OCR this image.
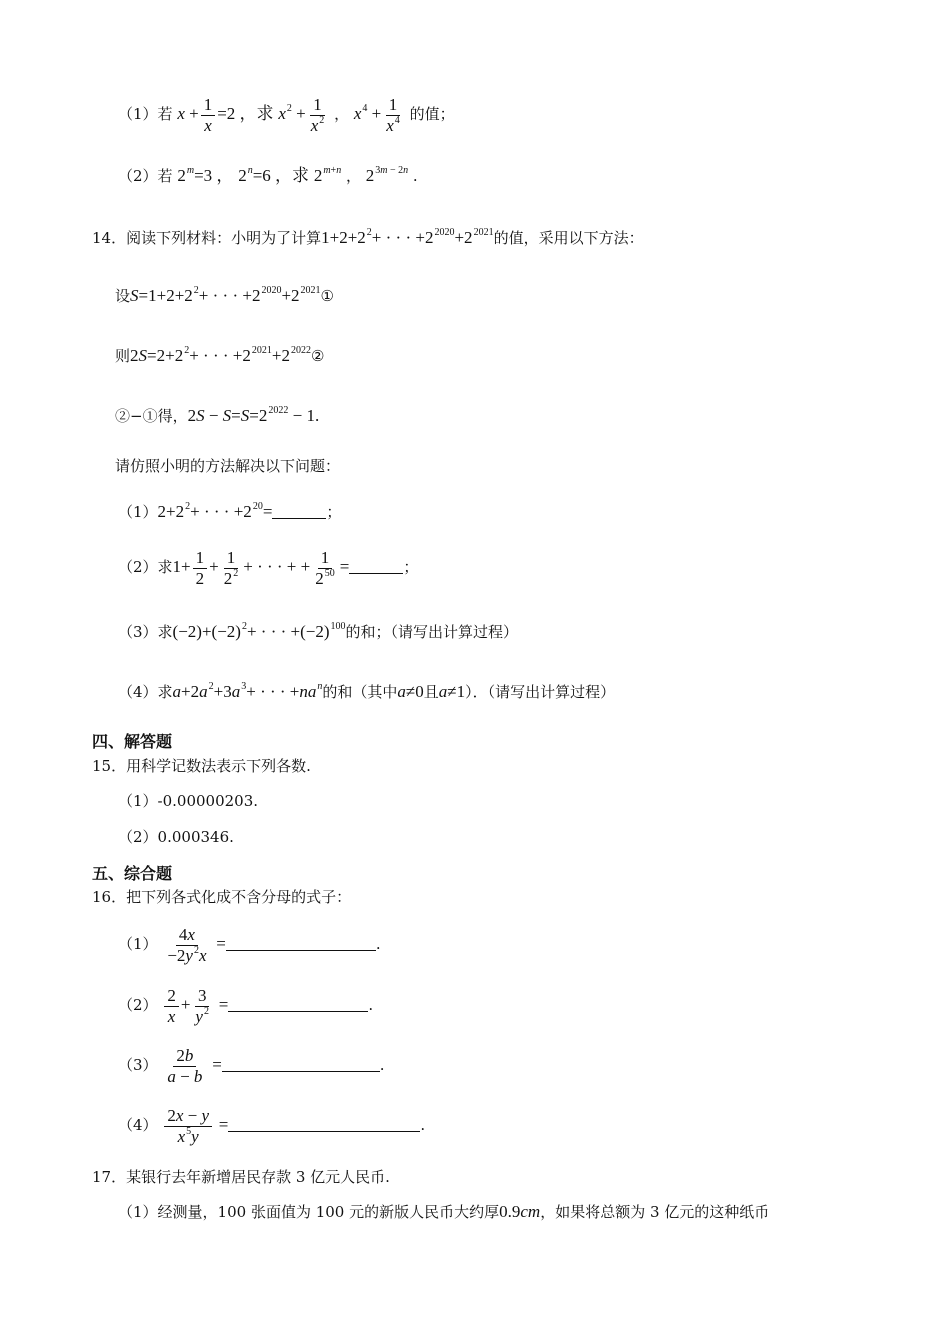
（1）若 $x + \frac{1}{x} =2$ ，求 $x^2 + \frac{1}{x^2}$ ， $x^4 + \frac{1}{x^4}$ 的值；
（2）若 $2^m=3$ ， $2^n=6$ ，求 $2^{m+n}$ ， $2^{3m - 2n}$ .
14．阅读下列材料：小明为了计算$1+2+2^2+$ · · · $+2^{2020}+2^{2021}$的值，采用以下方法：
设$S=1+2+2^2+$ · · · $+2^{2020}+2^{2021}①$
则$2S=2+2^2+$ · · · $+2^{2021}+2^{2022}②$
②−①得，$2S - S=S=2^{2022} - 1$.
请仿照小明的方法解决以下问题：
$(1)2+2^2+$ · · · $+2^{20}=$	；
（2）求$1+ \frac{1}{2} + \frac{1}{2^2}$ + · · · + + $\frac{1}{2^{50}}$ =	；
（3）求$(-2)+(-2)^2+$ · · · $+(-2)^{100}$的和；（请写出计算过程）
（4）求$a+2a^2+3a^3+$ · · · $+na^n$的和（其中a≠0且a≠1）．（请写出计算过程）
四、解答题
15．用科学记数法表示下列各数.
（1）-0.00000203.
（2）0.000346.
五、综合题
16．把下列各式化成不含分母的式子：
$(1) \frac{4x}{-2y^2x}$ =	.
$(2) \frac{2}{x} + \frac{3}{y^2}$ =	.
$(3) \frac{2b}{a - b}$ =	.
$(4) \frac{2x - y}{x^5y}$ =	.
17．某银行去年新增居民存款 3 亿元人民币.
（1）经测量，100 张面值为 100 元的新版人民币大约厚0.9cm，如果将总额为 3 亿元的这种纸币
